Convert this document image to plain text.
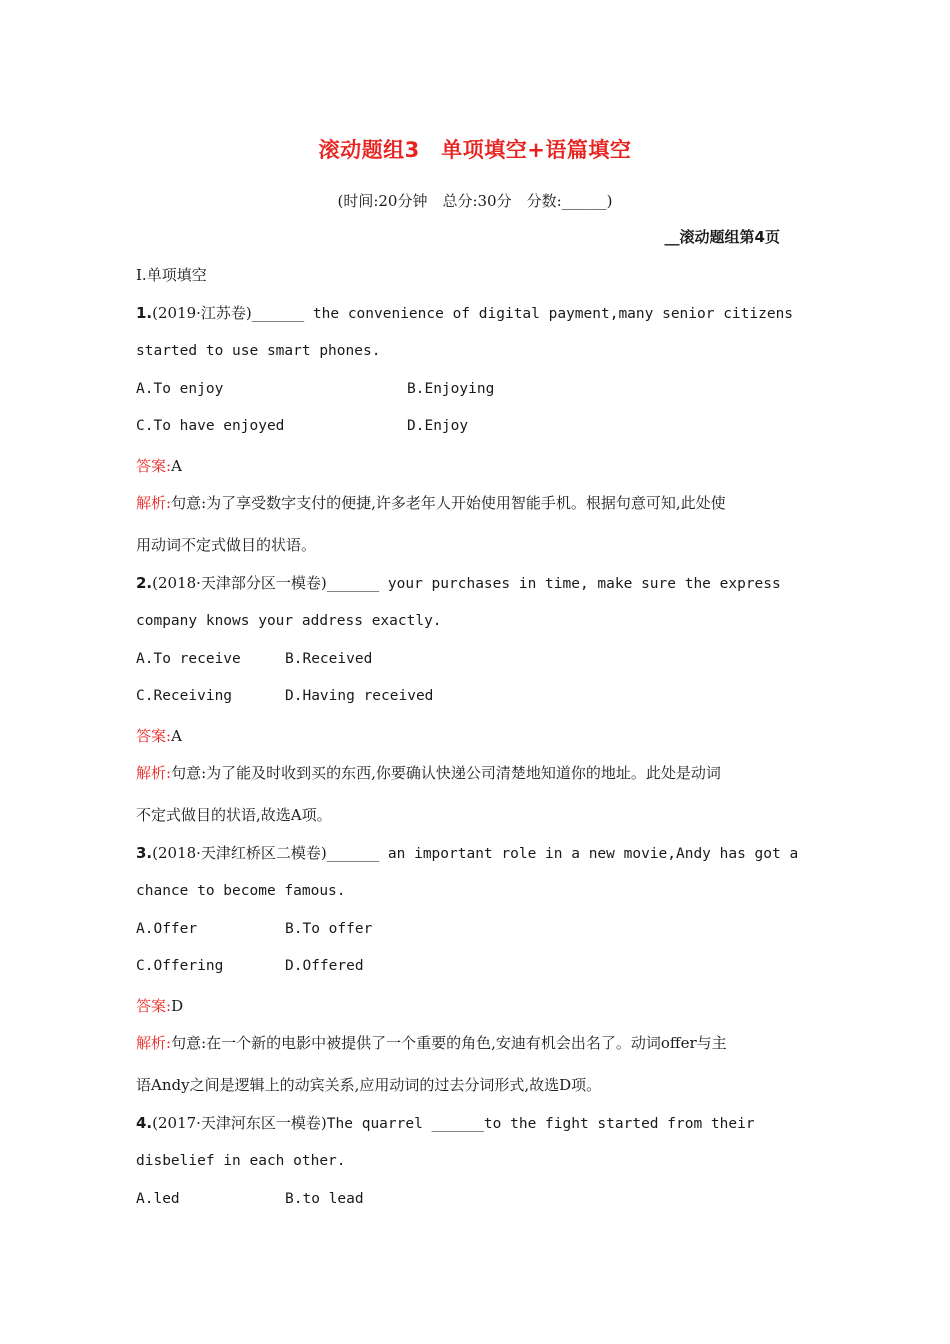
滚动题组3　单项填空+语篇填空
(时间:20分钟　总分:30分　分数:______)
__滚动题组第4页
Ⅰ.单项填空
1.(2019·江苏卷)______ the convenience of digital payment,many senior citizens
started to use smart phones.
A.To enjoy	B.Enjoying
C.To have enjoyed	D.Enjoy
答案:A
解析:句意:为了享受数字支付的便捷,许多老年人开始使用智能手机。根据句意可知,此处使
用动词不定式做目的状语。
2.(2018·天津部分区一模卷)______ your purchases in time, make sure the express
company knows your address exactly.
A.To receive	B.Received
C.Receiving	D.Having received
答案:A
解析:句意:为了能及时收到买的东西,你要确认快递公司清楚地知道你的地址。此处是动词
不定式做目的状语,故选A项。
3.(2018·天津红桥区二模卷)______ an important role in a new movie,Andy has got a
chance to become famous.
A.Offer	B.To offer
C.Offering	D.Offered
答案:D
解析:句意:在一个新的电影中被提供了一个重要的角色,安迪有机会出名了。动词offer与主
语Andy之间是逻辑上的动宾关系,应用动词的过去分词形式,故选D项。
4.(2017·天津河东区一模卷)The quarrel ______to the fight started from their
disbelief in each other.
A.led	B.to lead
